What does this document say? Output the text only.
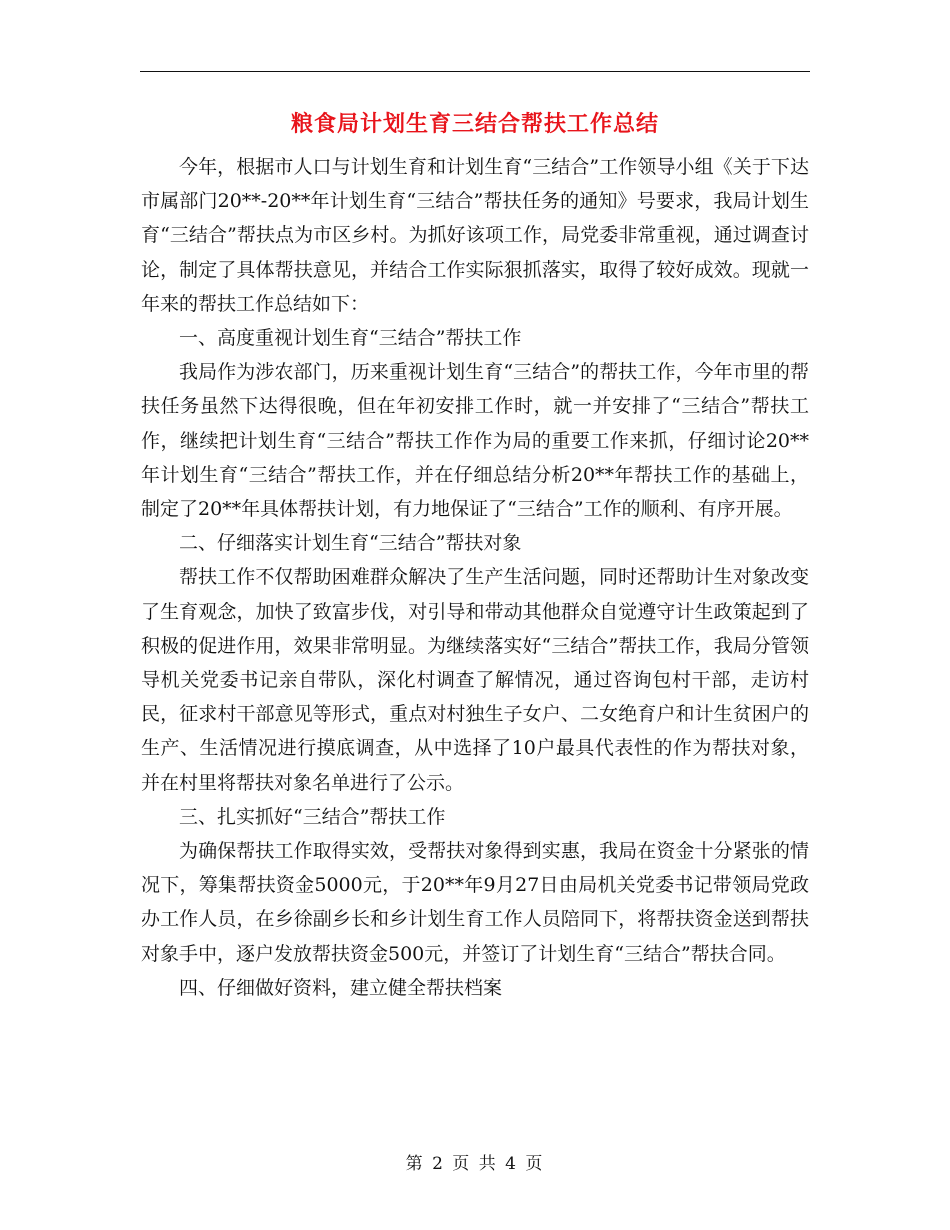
粮食局计划生育三结合帮扶工作总结

今年，根据市人口与计划生育和计划生育“三结合”工作领导小组《关于下达市属部门20**-20**年计划生育“三结合”帮扶任务的通知》号要求，我局计划生育“三结合”帮扶点为市区乡村。为抓好该项工作，局党委非常重视，通过调查讨论，制定了具体帮扶意见，并结合工作实际狠抓落实，取得了较好成效。现就一年来的帮扶工作总结如下：

一、高度重视计划生育“三结合”帮扶工作

我局作为涉农部门，历来重视计划生育“三结合”的帮扶工作，今年市里的帮扶任务虽然下达得很晚，但在年初安排工作时，就一并安排了“三结合”帮扶工作，继续把计划生育“三结合”帮扶工作作为局的重要工作来抓，仔细讨论20**年计划生育“三结合”帮扶工作，并在仔细总结分析20**年帮扶工作的基础上，制定了20**年具体帮扶计划，有力地保证了“三结合”工作的顺利、有序开展。

二、仔细落实计划生育“三结合”帮扶对象

帮扶工作不仅帮助困难群众解决了生产生活问题，同时还帮助计生对象改变了生育观念，加快了致富步伐，对引导和带动其他群众自觉遵守计生政策起到了积极的促进作用，效果非常明显。为继续落实好“三结合”帮扶工作，我局分管领导机关党委书记亲自带队，深化村调查了解情况，通过咨询包村干部，走访村民，征求村干部意见等形式，重点对村独生子女户、二女绝育户和计生贫困户的生产、生活情况进行摸底调查，从中选择了10户最具代表性的作为帮扶对象，并在村里将帮扶对象名单进行了公示。

三、扎实抓好“三结合”帮扶工作

为确保帮扶工作取得实效，受帮扶对象得到实惠，我局在资金十分紧张的情况下，筹集帮扶资金5000元，于20**年9月27日由局机关党委书记带领局党政办工作人员，在乡徐副乡长和乡计划生育工作人员陪同下，将帮扶资金送到帮扶对象手中，逐户发放帮扶资金500元，并签订了计划生育“三结合”帮扶合同。

四、仔细做好资料，建立健全帮扶档案

第 2 页 共 4 页
